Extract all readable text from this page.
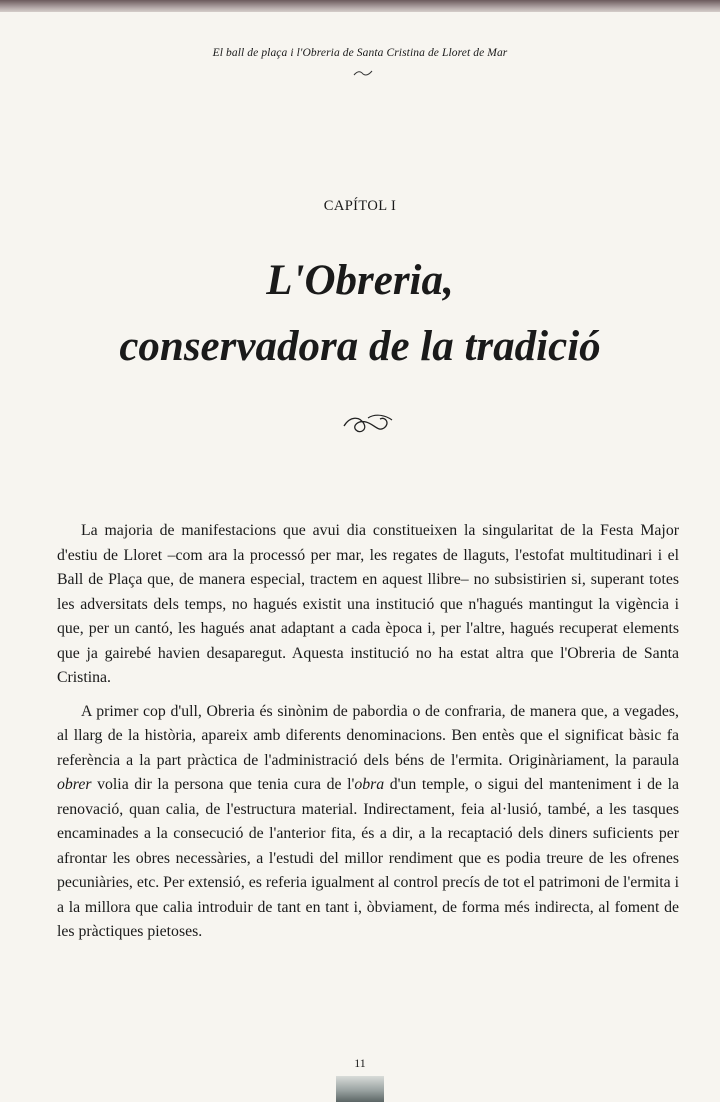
El ball de plaça i l'Obreria de Santa Cristina de Lloret de Mar
CAPÍTOL I
L'Obreria,
conservadora de la tradició

La majoria de manifestacions que avui dia constitueixen la singularitat de la Festa Major d'estiu de Lloret –com ara la processó per mar, les regates de llaguts, l'estofat multitudinari i el Ball de Plaça que, de manera especial, tractem en aquest llibre– no subsistirien si, superant totes les adversitats dels temps, no hagués existit una institució que n'hagués mantingut la vigència i que, per un cantó, les hagués anat adaptant a cada època i, per l'altre, hagués recuperat elements que ja gairebé havien desaparegut. Aquesta institució no ha estat altra que l'Obreria de Santa Cristina.

A primer cop d'ull, Obreria és sinònim de pabordia o de confraria, de manera que, a vegades, al llarg de la història, apareix amb diferents denominacions. Ben entès que el significat bàsic fa referència a la part pràctica de l'administració dels béns de l'ermita. Originàriament, la paraula obrer volia dir la persona que tenia cura de l'obra d'un temple, o sigui del manteniment i de la renovació, quan calia, de l'estructura material. Indirectament, feia al·lusió, també, a les tasques encaminades a la consecució de l'anterior fita, és a dir, a la recaptació dels diners suficients per afrontar les obres necessàries, a l'estudi del millor rendiment que es podia treure de les ofrenes pecuniàries, etc. Per extensió, es referia igualment al control precís de tot el patrimoni de l'ermita i a la millora que calia introduir de tant en tant i, òbviament, de forma més indirecta, al foment de les pràctiques pietoses.

11
